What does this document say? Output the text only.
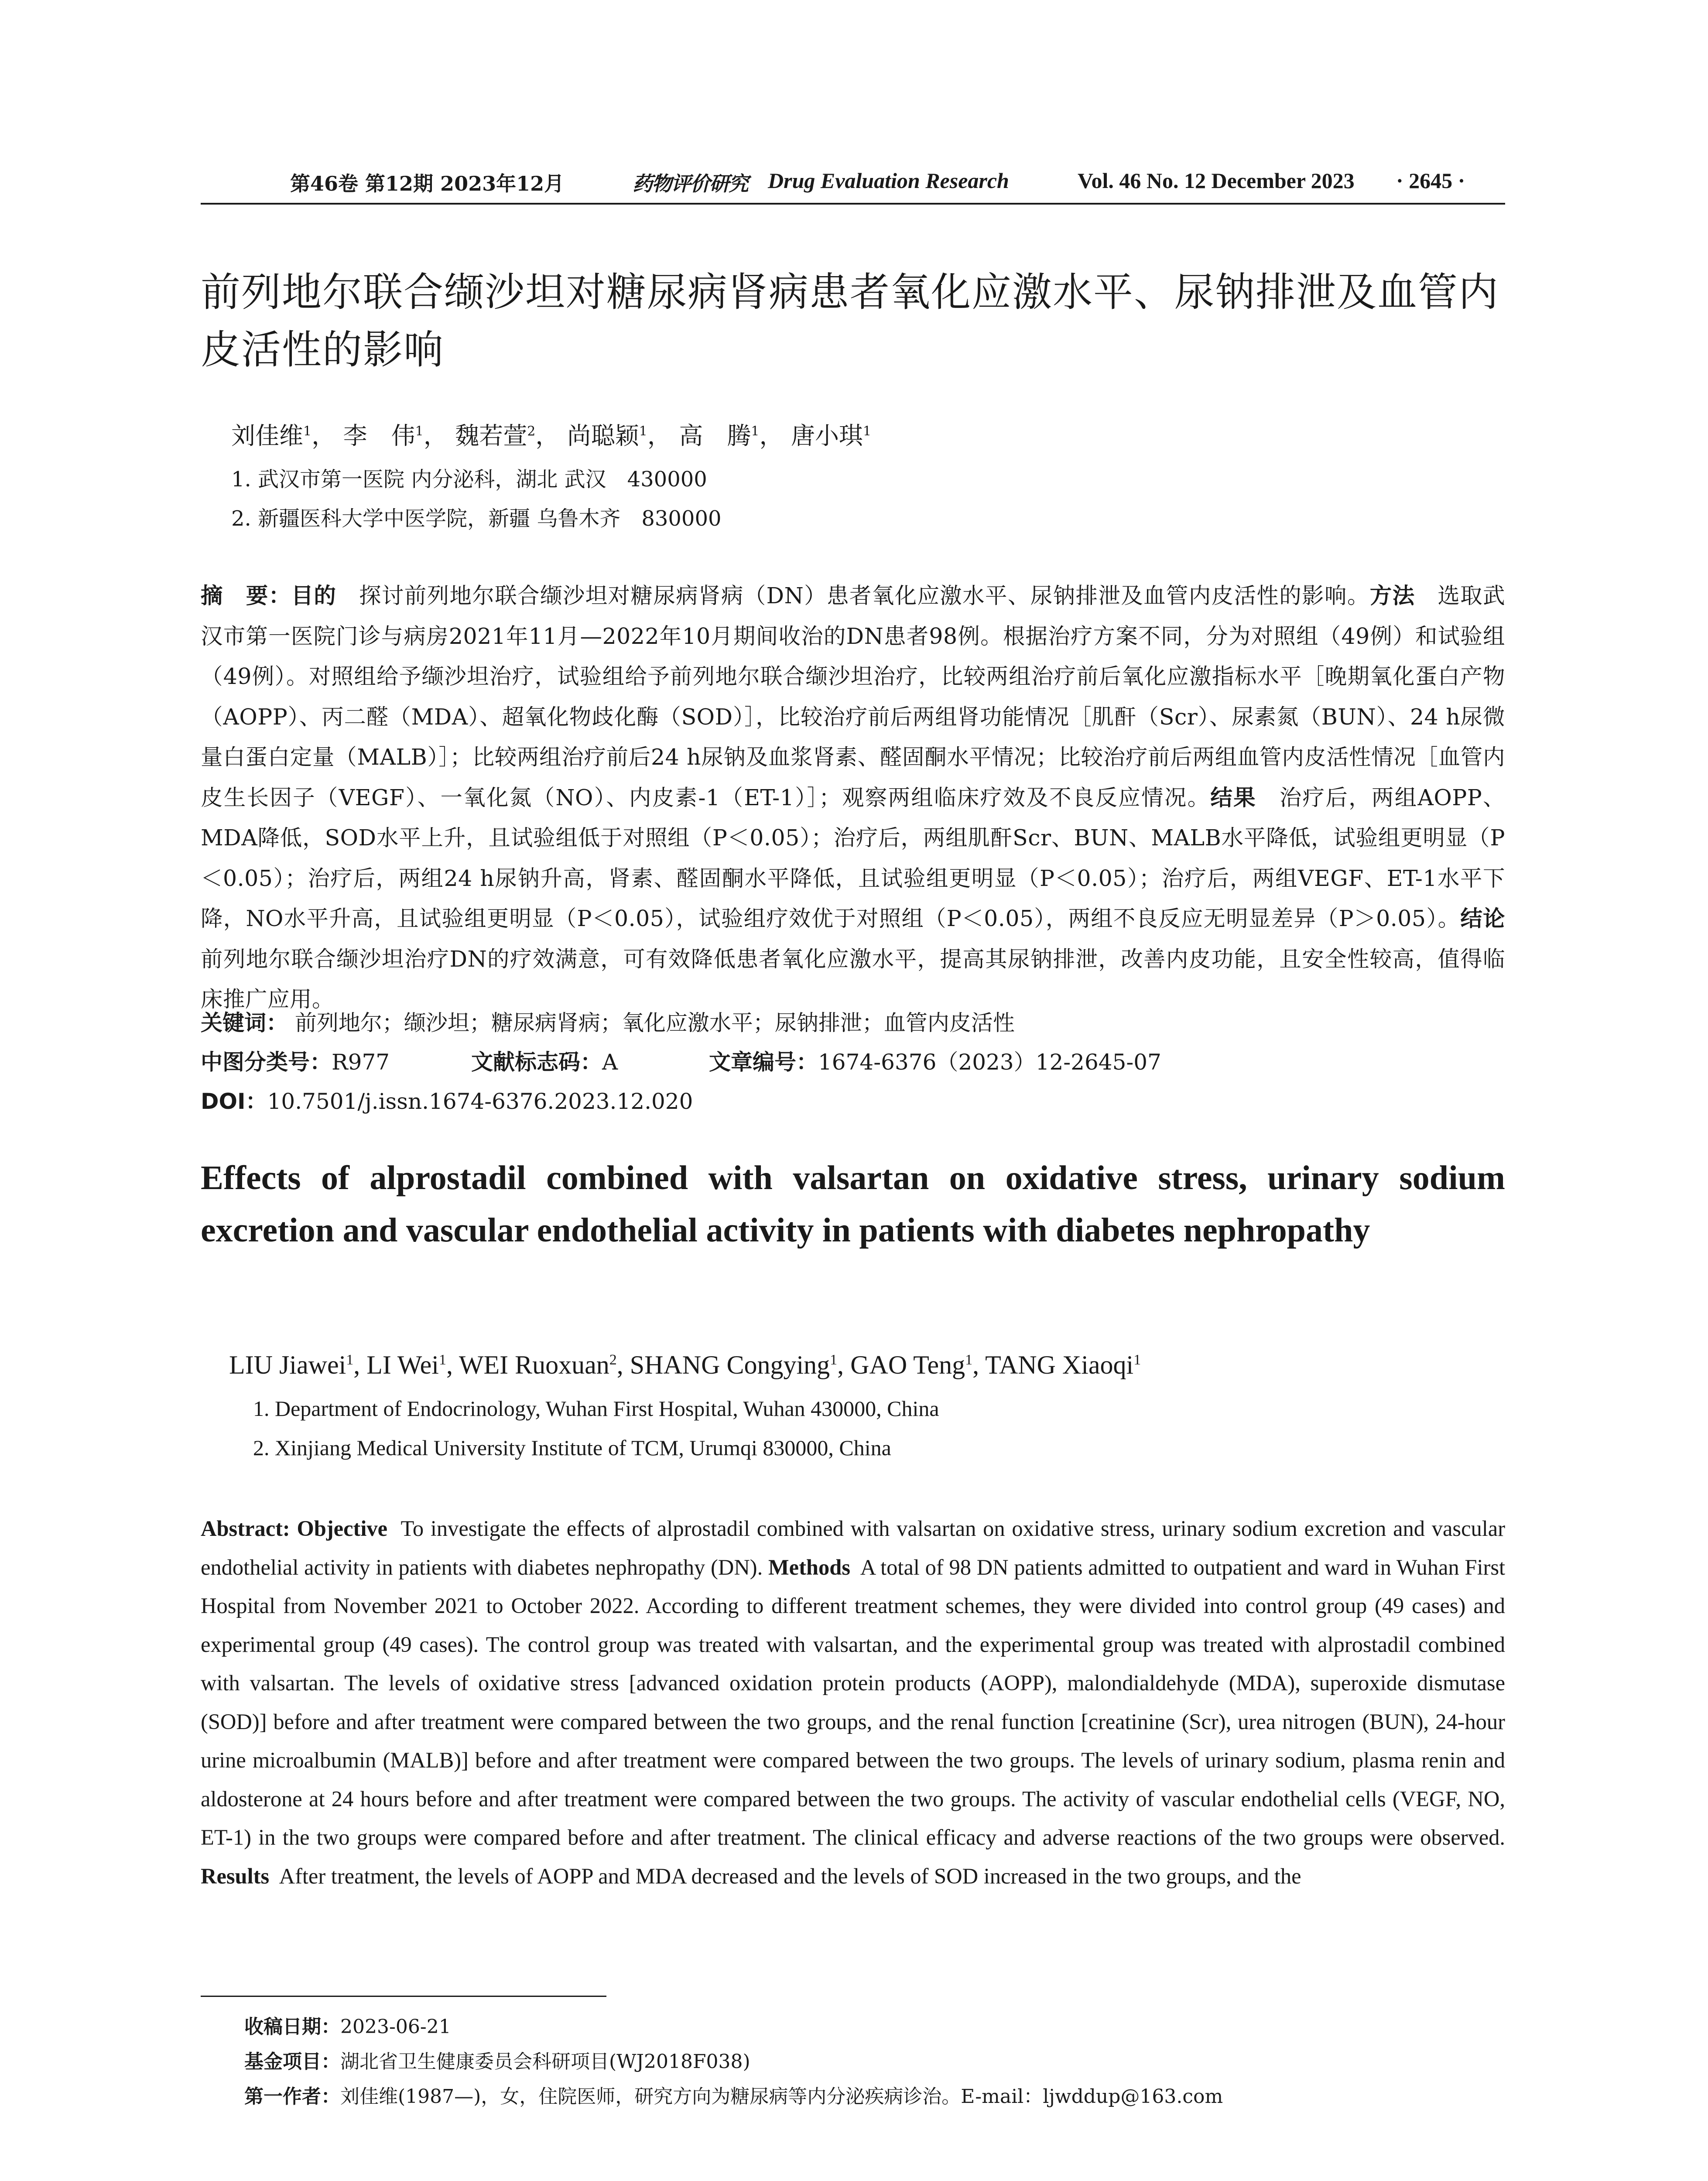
第46卷 第12期 2023年12月	药物评价研究 Drug Evaluation Research	Vol. 46 No. 12 December 2023 · 2645 ·
前列地尔联合缬沙坦对糖尿病肾病患者氧化应激水平、尿钠排泄及血管内皮活性的影响
刘佳维$^1$， 李　伟$^1$， 魏若萱$^2$， 尚聪颖$^1$， 高　腾$^1$， 唐小琪$^1$
1. 武汉市第一医院 内分泌科，湖北 武汉　430000
2. 新疆医科大学中医学院，新疆 乌鲁木齐　830000
摘　要：目的　 探讨前列地尔联合缬沙坦对糖尿病肾病（DN）患者氧化应激水平、尿钠排泄及血管内皮活性的影响。方法　 选取武汉市第一医院门诊与病房2021年11月—2022年10月期间收治的DN患者98例。根据治疗方案不同，分为对照组（49例）和试验组（49例）。对照组给予缬沙坦治疗，试验组给予前列地尔联合缬沙坦治疗，比较两组治疗前后氧化应激指标水平［晚期氧化蛋白产物（AOPP）、丙二醛（MDA）、超氧化物歧化酶（SOD）］，比较治疗前后两组肾功能情况［肌酐（Scr）、尿素氮（BUN）、24 h尿微量白蛋白定量（MALB）］；比较两组治疗前后24 h尿钠及血浆肾素、醛固酮水平情况；比较治疗前后两组血管内皮活性情况［血管内皮生长因子（VEGF）、一氧化氮（NO）、内皮素-1（ET-1）］；观察两组临床疗效及不良反应情况。结果　 治疗后，两组AOPP、MDA降低，SOD水平上升，且试验组低于对照组（P＜0.05）；治疗后，两组肌酐Scr、BUN、MALB水平降低，试验组更明显（P＜0.05）；治疗后，两组24 h尿钠升高，肾素、醛固酮水平降低，且试验组更明显（P＜0.05）；治疗后，两组VEGF、ET-1水平下降，NO水平升高，且试验组更明显（P＜0.05），试验组疗效优于对照组（P＜0.05），两组不良反应无明显差异（P＞0.05）。结论　前列地尔联合缬沙坦治疗DN的疗效满意，可有效降低患者氧化应激水平，提高其尿钠排泄，改善内皮功能，且安全性较高，值得临床推广应用。
关键词： 前列地尔；缬沙坦；糖尿病肾病；氧化应激水平；尿钠排泄；血管内皮活性
中图分类号：R977	文献标志码：A	文章编号：1674-6376（2023）12-2645-07
DOI：10.7501/j.issn.1674-6376.2023.12.020
Effects of alprostadil combined with valsartan on oxidative stress, urinary sodium excretion and vascular endothelial activity in patients with diabetes nephropathy
LIU Jiawei$^1$, LI Wei$^1$, WEI Ruoxuan$^2$, SHANG Congying$^1$, GAO Teng$^1$, TANG Xiaoqi$^1$
1. Department of Endocrinology, Wuhan First Hospital, Wuhan 430000, China
2. Xinjiang Medical University Institute of TCM, Urumqi 830000, China
Abstract: Objective To investigate the effects of alprostadil combined with valsartan on oxidative stress, urinary sodium excretion and vascular endothelial activity in patients with diabetes nephropathy (DN). Methods A total of 98 DN patients admitted to outpatient and ward in Wuhan First Hospital from November 2021 to October 2022. According to different treatment schemes, they were divided into control group (49 cases) and experimental group (49 cases). The control group was treated with valsartan, and the experimental group was treated with alprostadil combined with valsartan. The levels of oxidative stress [advanced oxidation protein products (AOPP), malondialdehyde (MDA), superoxide dismutase (SOD)] before and after treatment were compared between the two groups, and the renal function [creatinine (Scr), urea nitrogen (BUN), 24-hour urine microalbumin (MALB)] before and after treatment were compared between the two groups. The levels of urinary sodium, plasma renin and aldosterone at 24 hours before and after treatment were compared between the two groups. The activity of vascular endothelial cells (VEGF, NO, ET-1) in the two groups were compared before and after treatment. The clinical efficacy and adverse reactions of the two groups were observed. Results After treatment, the levels of AOPP and MDA decreased and the levels of SOD increased in the two groups, and the
收稿日期：2023-06-21
基金项目：湖北省卫生健康委员会科研项目(WJ2018F038)
第一作者：刘佳维(1987—)，女，住院医师，研究方向为糖尿病等内分泌疾病诊治。E-mail：ljwddup@163.com
